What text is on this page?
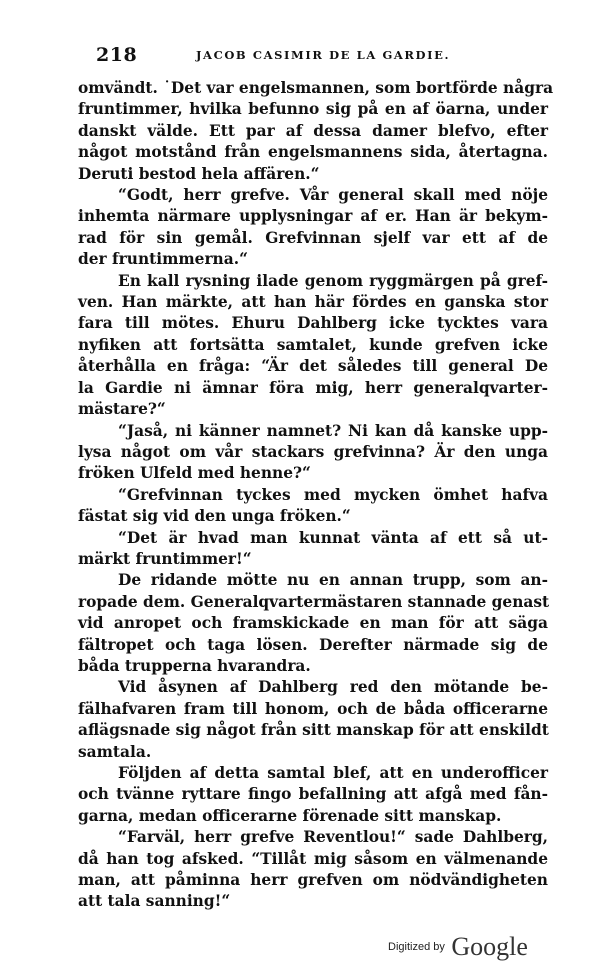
218	JACOB CASIMIR DE LA GARDIE.

omvändt. ˙Det var engelsmannen, som bortförde några
fruntimmer, hvilka befunno sig på en af öarna, under
danskt välde. Ett par af dessa damer blefvo, efter
något motstånd från engelsmannens sida, återtagna.
Deruti bestod hela affären.“

“Godt, herr grefve. Vår general skall med nöje
inhemta närmare upplysningar af er. Han är bekym-
rad för sin gemål. Grefvinnan sjelf var ett af de
der fruntimmerna.“

En kall rysning ilade genom ryggmärgen på gref-
ven. Han märkte, att han här fördes en ganska stor
fara till mötes. Ehuru Dahlberg icke tycktes vara
nyfiken att fortsätta samtalet, kunde grefven icke
återhålla en fråga: “Är det således till general De
la Gardie ni ämnar föra mig, herr generalqvarter-
mästare?“

“Jaså, ni känner namnet? Ni kan då kanske upp-
lysa något om vår stackars grefvinna? Är den unga
fröken Ulfeld med henne?“

“Grefvinnan tyckes med mycken ömhet hafva
fästat sig vid den unga fröken.“

“Det är hvad man kunnat vänta af ett så ut-
märkt fruntimmer!“

De ridande mötte nu en annan trupp, som an-
ropade dem. Generalqvartermästaren stannade genast
vid anropet och framskickade en man för att säga
fältropet och taga lösen. Derefter närmade sig de
båda trupperna hvarandra.

Vid åsynen af Dahlberg red den mötande be-
fälhafvaren fram till honom, och de båda officerarne
aflägsnade sig något från sitt manskap för att enskildt
samtala.

Följden af detta samtal blef, att en underofficer
och tvänne ryttare fingo befallning att afgå med fån-
garna, medan officerarne förenade sitt manskap.

“Farväl, herr grefve Reventlou!“ sade Dahlberg,
då han tog afsked. “Tillåt mig såsom en välmenande
man, att påminna herr grefven om nödvändigheten
att tala sanning!“

Digitized by Google
